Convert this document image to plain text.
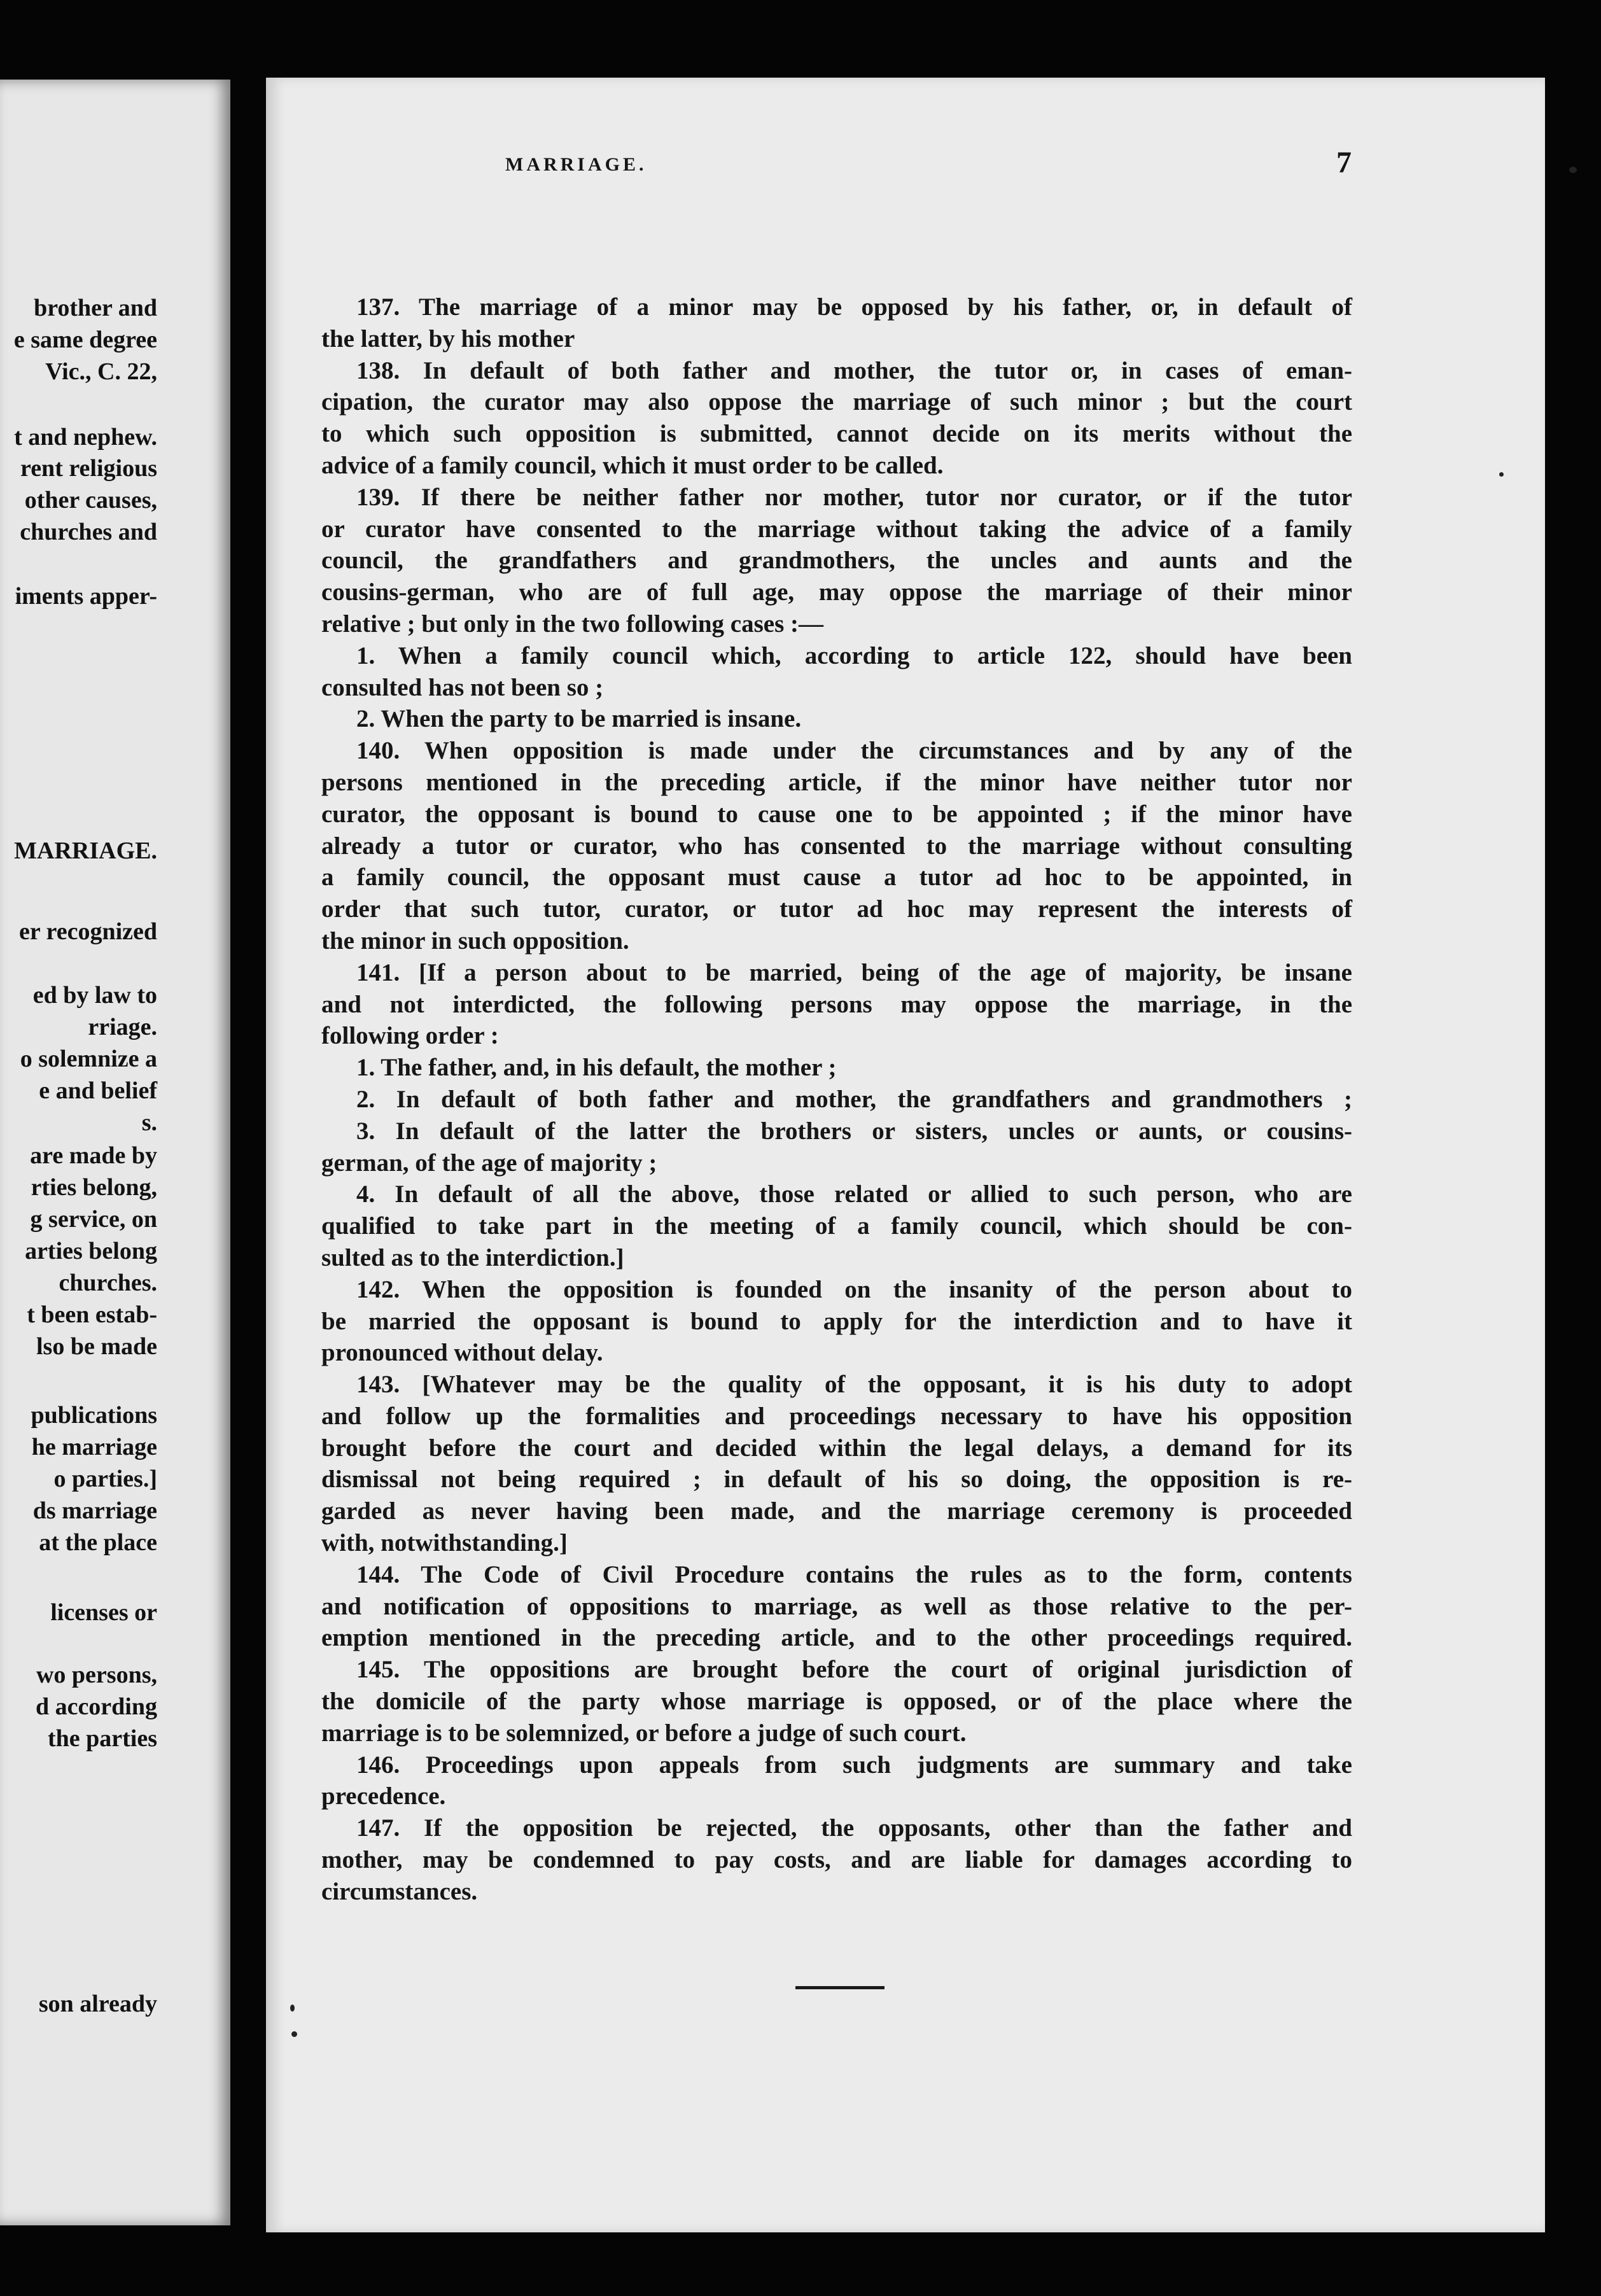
brother and
e same degree
Vic., C. 22,
t and nephew.
rent religious
other causes,
churches and
iments apper-
MARRIAGE.
er recognized
ed by law to
rriage.
o solemnize a
e and belief
s.
are made by
rties belong,
g service, on
arties belong
churches.
t been estab-
lso be made
publications
he marriage
o parties.]
ds marriage
at the place
licenses or
wo persons,
d according
the parties
son already
MARRIAGE.	7
137. The marriage of a minor may be opposed by his father, or, in default of
the latter, by his mother
138. In default of both father and mother, the tutor or, in cases of eman-
cipation, the curator may also oppose the marriage of such minor ; but the court
to which such opposition is submitted, cannot decide on its merits without the
advice of a family council, which it must order to be called.
139. If there be neither father nor mother, tutor nor curator, or if the tutor
or curator have consented to the marriage without taking the advice of a family
council, the grandfathers and grandmothers, the uncles and aunts and the
cousins-german, who are of full age, may oppose the marriage of their minor
relative ; but only in the two following cases :—
1. When a family council which, according to article 122, should have been
consulted has not been so ;
2. When the party to be married is insane.
140. When opposition is made under the circumstances and by any of the
persons mentioned in the preceding article, if the minor have neither tutor nor
curator, the opposant is bound to cause one to be appointed ; if the minor have
already a tutor or curator, who has consented to the marriage without consulting
a family council, the opposant must cause a tutor ad hoc to be appointed, in
order that such tutor, curator, or tutor ad hoc may represent the interests of
the minor in such opposition.
141. [If a person about to be married, being of the age of majority, be insane
and not interdicted, the following persons may oppose the marriage, in the
following order :
1. The father, and, in his default, the mother ;
2. In default of both father and mother, the grandfathers and grandmothers ;
3. In default of the latter the brothers or sisters, uncles or aunts, or cousins-
german, of the age of majority ;
4. In default of all the above, those related or allied to such person, who are
qualified to take part in the meeting of a family council, which should be con-
sulted as to the interdiction.]
142. When the opposition is founded on the insanity of the person about to
be married the opposant is bound to apply for the interdiction and to have it
pronounced without delay.
143. [Whatever may be the quality of the opposant, it is his duty to adopt
and follow up the formalities and proceedings necessary to have his opposition
brought before the court and decided within the legal delays, a demand for its
dismissal not being required ; in default of his so doing, the opposition is re-
garded as never having been made, and the marriage ceremony is proceeded
with, notwithstanding.]
144. The Code of Civil Procedure contains the rules as to the form, contents
and notification of oppositions to marriage, as well as those relative to the per-
emption mentioned in the preceding article, and to the other proceedings required.
145. The oppositions are brought before the court of original jurisdiction of
the domicile of the party whose marriage is opposed, or of the place where the
marriage is to be solemnized, or before a judge of such court.
146. Proceedings upon appeals from such judgments are summary and take
precedence.
147. If the opposition be rejected, the opposants, other than the father and
mother, may be condemned to pay costs, and are liable for damages according to
circumstances.
